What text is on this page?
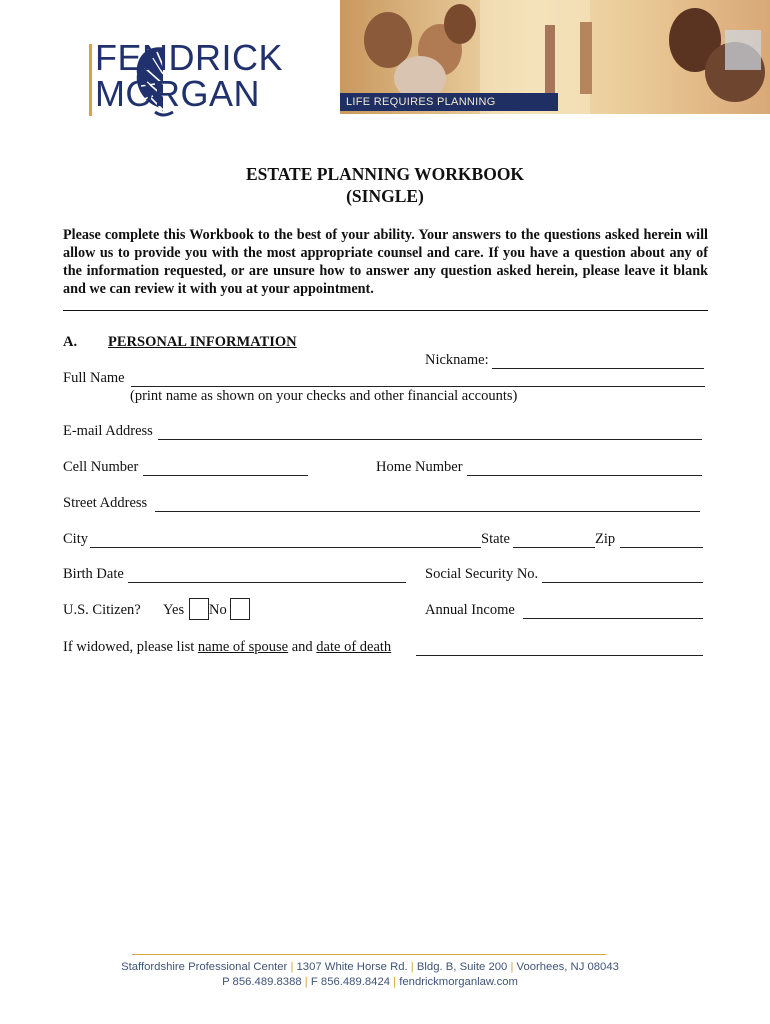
FENDRICK
MORGAN	LIFE REQUIRES PLANNING
ESTATE PLANNING WORKBOOK
(SINGLE)
Please complete this Workbook to the best of your ability. Your answers to the questions asked herein will allow us to provide you with the most appropriate counsel and care. If you have a question about any of the information requested, or are unsure how to answer any question asked herein, please leave it blank and we can review it with you at your appointment.
A. PERSONAL INFORMATION
Nickname:
Full Name
(print name as shown on your checks and other financial accounts)
E-mail Address
Cell Number	Home Number
Street Address
City	State	Zip
Birth Date	Social Security No.
U.S. Citizen? Yes No	Annual Income
If widowed, please list name of spouse and date of death
Staffordshire Professional Center | 1307 White Horse Rd. | Bldg. B, Suite 200 | Voorhees, NJ 08043
P 856.489.8388 | F 856.489.8424 | fendrickmorganlaw.com
